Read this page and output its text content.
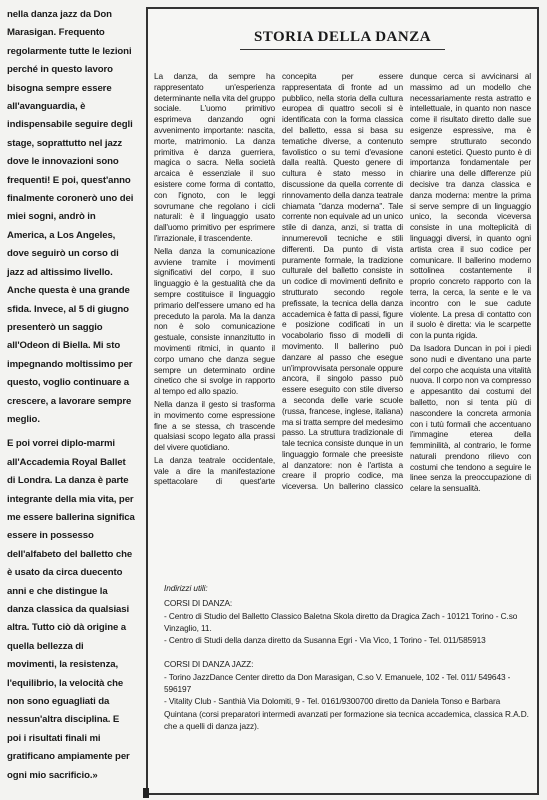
nella danza jazz da Don Marasigan. Frequento regolarmente tutte le lezioni perché in questo lavoro bisogna sempre essere all'avanguardia, è indispensabile seguire degli stage, soprattutto nel jazz dove le innovazioni sono frequenti! E poi, quest'anno finalmente coronerò uno dei miei sogni, andrò in America, a Los Angeles, dove seguirò un corso di jazz ad altissimo livello. Anche questa è una grande sfida. Invece, al 5 di giugno presenterò un saggio all'Odeon di Biella. Mi sto impegnando moltissimo per questo, voglio continuare a crescere, a lavorare sempre meglio.

E poi vorrei diplo-marmi all'Accademia Royal Ballet di Londra. La danza è parte integrante della mia vita, per me essere ballerina significa essere in possesso dell'alfabeto del balletto che è usato da circa duecento anni e che distingue la danza classica da qualsiasi altra. Tutto ciò dà origine a quella bellezza di movimenti, la resistenza, l'equilibrio, la velocità che non sono eguagliati da nessun'altra disciplina. E poi i risultati finali mi gratificano ampiamente per ogni mio sacrificio.»

STORIA DELLA DANZA

La danza, da sempre ha rappresentato un'esperienza determinante nella vita del gruppo sociale. L'uomo primitivo esprimeva danzando ogni avvenimento importante: nascita, morte, matrimonio. La danza primitiva è danza guerriera, magica o sacra. Nella società arcaica è essenziale il suo esistere come forma di contatto, con l'ignoto, con le leggi sovrumane che regolano i cicli naturali: è il linguaggio usato dall'uomo primitivo per esprimere l'irrazionale, il trascendente.

Nella danza la comunicazione avviene tramite i movimenti significativi del corpo, il suo linguaggio è la gestualità che da sempre costituisce il linguaggio primario dell'essere umano ed ha preceduto la parola. Ma la danza non è solo comunicazione gestuale, consiste innanzitutto in movimenti ritmici, in quanto il corpo umano che danza segue sempre un determinato ordine cinetico che si svolge in rapporto al tempo ed allo spazio.

Nella danza il gesto si trasforma in movimento come espressione fine a se stessa, ch trascende qualsiasi scopo legato alla prassi del vivere quotidiano.

La danza teatrale occidentale, vale a dire la manifestazione spettacolare di quest'arte concepita per essere rappresentata di fronte ad un pubblico, nella storia della cultura europea di quattro secoli si è identificata con la forma classica del balletto, essa si basa su tematiche diverse, a contenuto favolistico o su temi d'evasione dalla realtà. Questo genere di cultura è stato messo in discussione da quella corrente di rinnovamento della danza teatrale chiamata "danza moderna". Tale corrente non equivale ad un unico stile di danza, anzi, si tratta di innumerevoli tecniche e stili differenti. Da punto di vista puramente formale, la tradizione culturale del balletto consiste in un codice di movimenti definito e strutturato secondo regole prefissate, la tecnica della danza accademica è fatta di passi, figure e posizione codificati in un vocabolario fisso di modelli di movimento. Il ballerino può danzare al passo che esegue un'improvvisata personale oppure ancora, il singolo passo può essere eseguito con stile diverso a seconda delle varie scuole (russa, francese, inglese, italiana) ma si tratta sempre del medesimo passo. La struttura tradizionale di tale tecnica consiste dunque in un linguaggio formale che preesiste al danzatore: non è l'artista a creare il proprio codice, ma viceversa. Un ballerino classico dunque cerca si avvicinarsi al massimo ad un modello che necessariamente resta astratto e intellettuale, in quanto non nasce come il risultato diretto dalle sue esigenze espressive, ma è sempre strutturato secondo canoni estetici. Questo punto è di importanza fondamentale per chiarire una delle differenze più decisive tra danza classica e danza moderna: mentre la prima si serve sempre di un linguaggio unico, la seconda viceversa consiste in una molteplicità di linguaggi diversi, in quanto ogni artista crea il suo codice per comunicare. Il ballerino moderno sottolinea costantemente il proprio concreto rapporto con la terra, la cerca, la sente e le va incontro con le sue cadute violente. La presa di contatto con il suolo è diretta: via le scarpette con la punta rigida.

Da Isadora Duncan in poi i piedi sono nudi e diventano una parte del corpo che acquista una vitalità nuova. Il corpo non va compresso e appesantito dai costumi del balletto, non si tenta più di nascondere la concreta armonia con i tutù formali che accentuano l'immagine eterea della femminilità, al contrario, le forme naturali prendono rilievo con costumi che tendono a seguire le linee senza la preoccupazione di celare la sensualità.

Indirizzi utili:
CORSI DI DANZA:
- Centro di Studio del Balletto Classico Baletna Skola diretto da Dragica Zach - 10121 Torino - C.so Vinzaglio, 11.
- Centro di Studi della danza diretto da Susanna Egri - Via Vico, 1 Torino - Tel. 011/585913
CORSI DI DANZA JAZZ:
- Torino JazzDance Center diretto da Don Marasigan, C.so V. Emanuele, 102 - Tel. 011/ 549643 - 596197
- Vitality Club - Santhià Via Dolomiti, 9 - Tel. 0161/9300700 diretto da Daniela Tonso e Barbara Quintana (corsi preparatori intermedi avanzati per formazione sia tecnica accademica, classica R.A.D. che a quelli di danza jazz).
